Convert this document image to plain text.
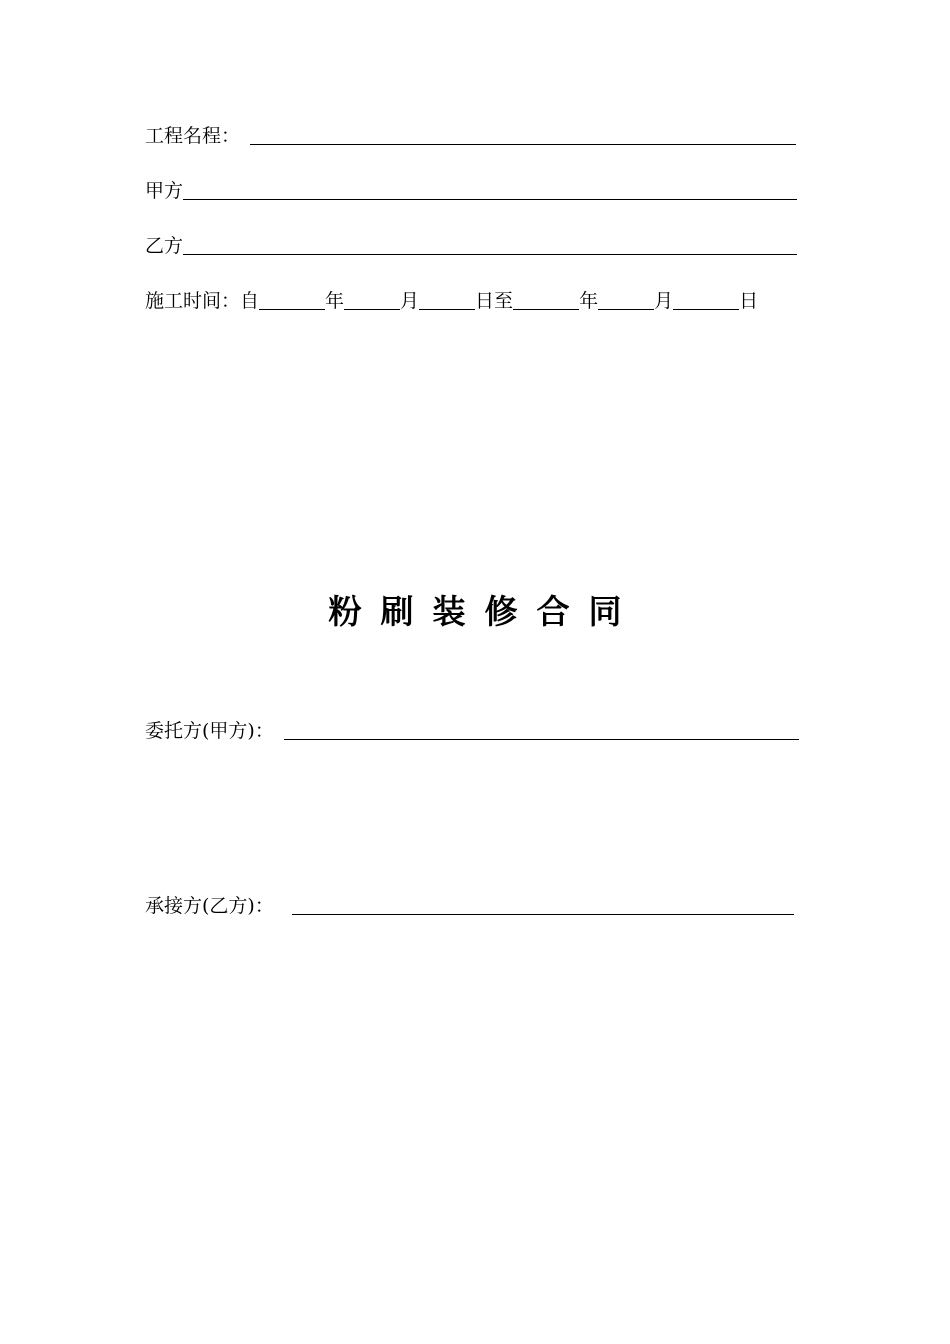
工程名程：
甲方
乙方
施工时间：自	年	月	日至	年	月	日
粉刷装修合同
委托方(甲方)：
承接方(乙方)：
